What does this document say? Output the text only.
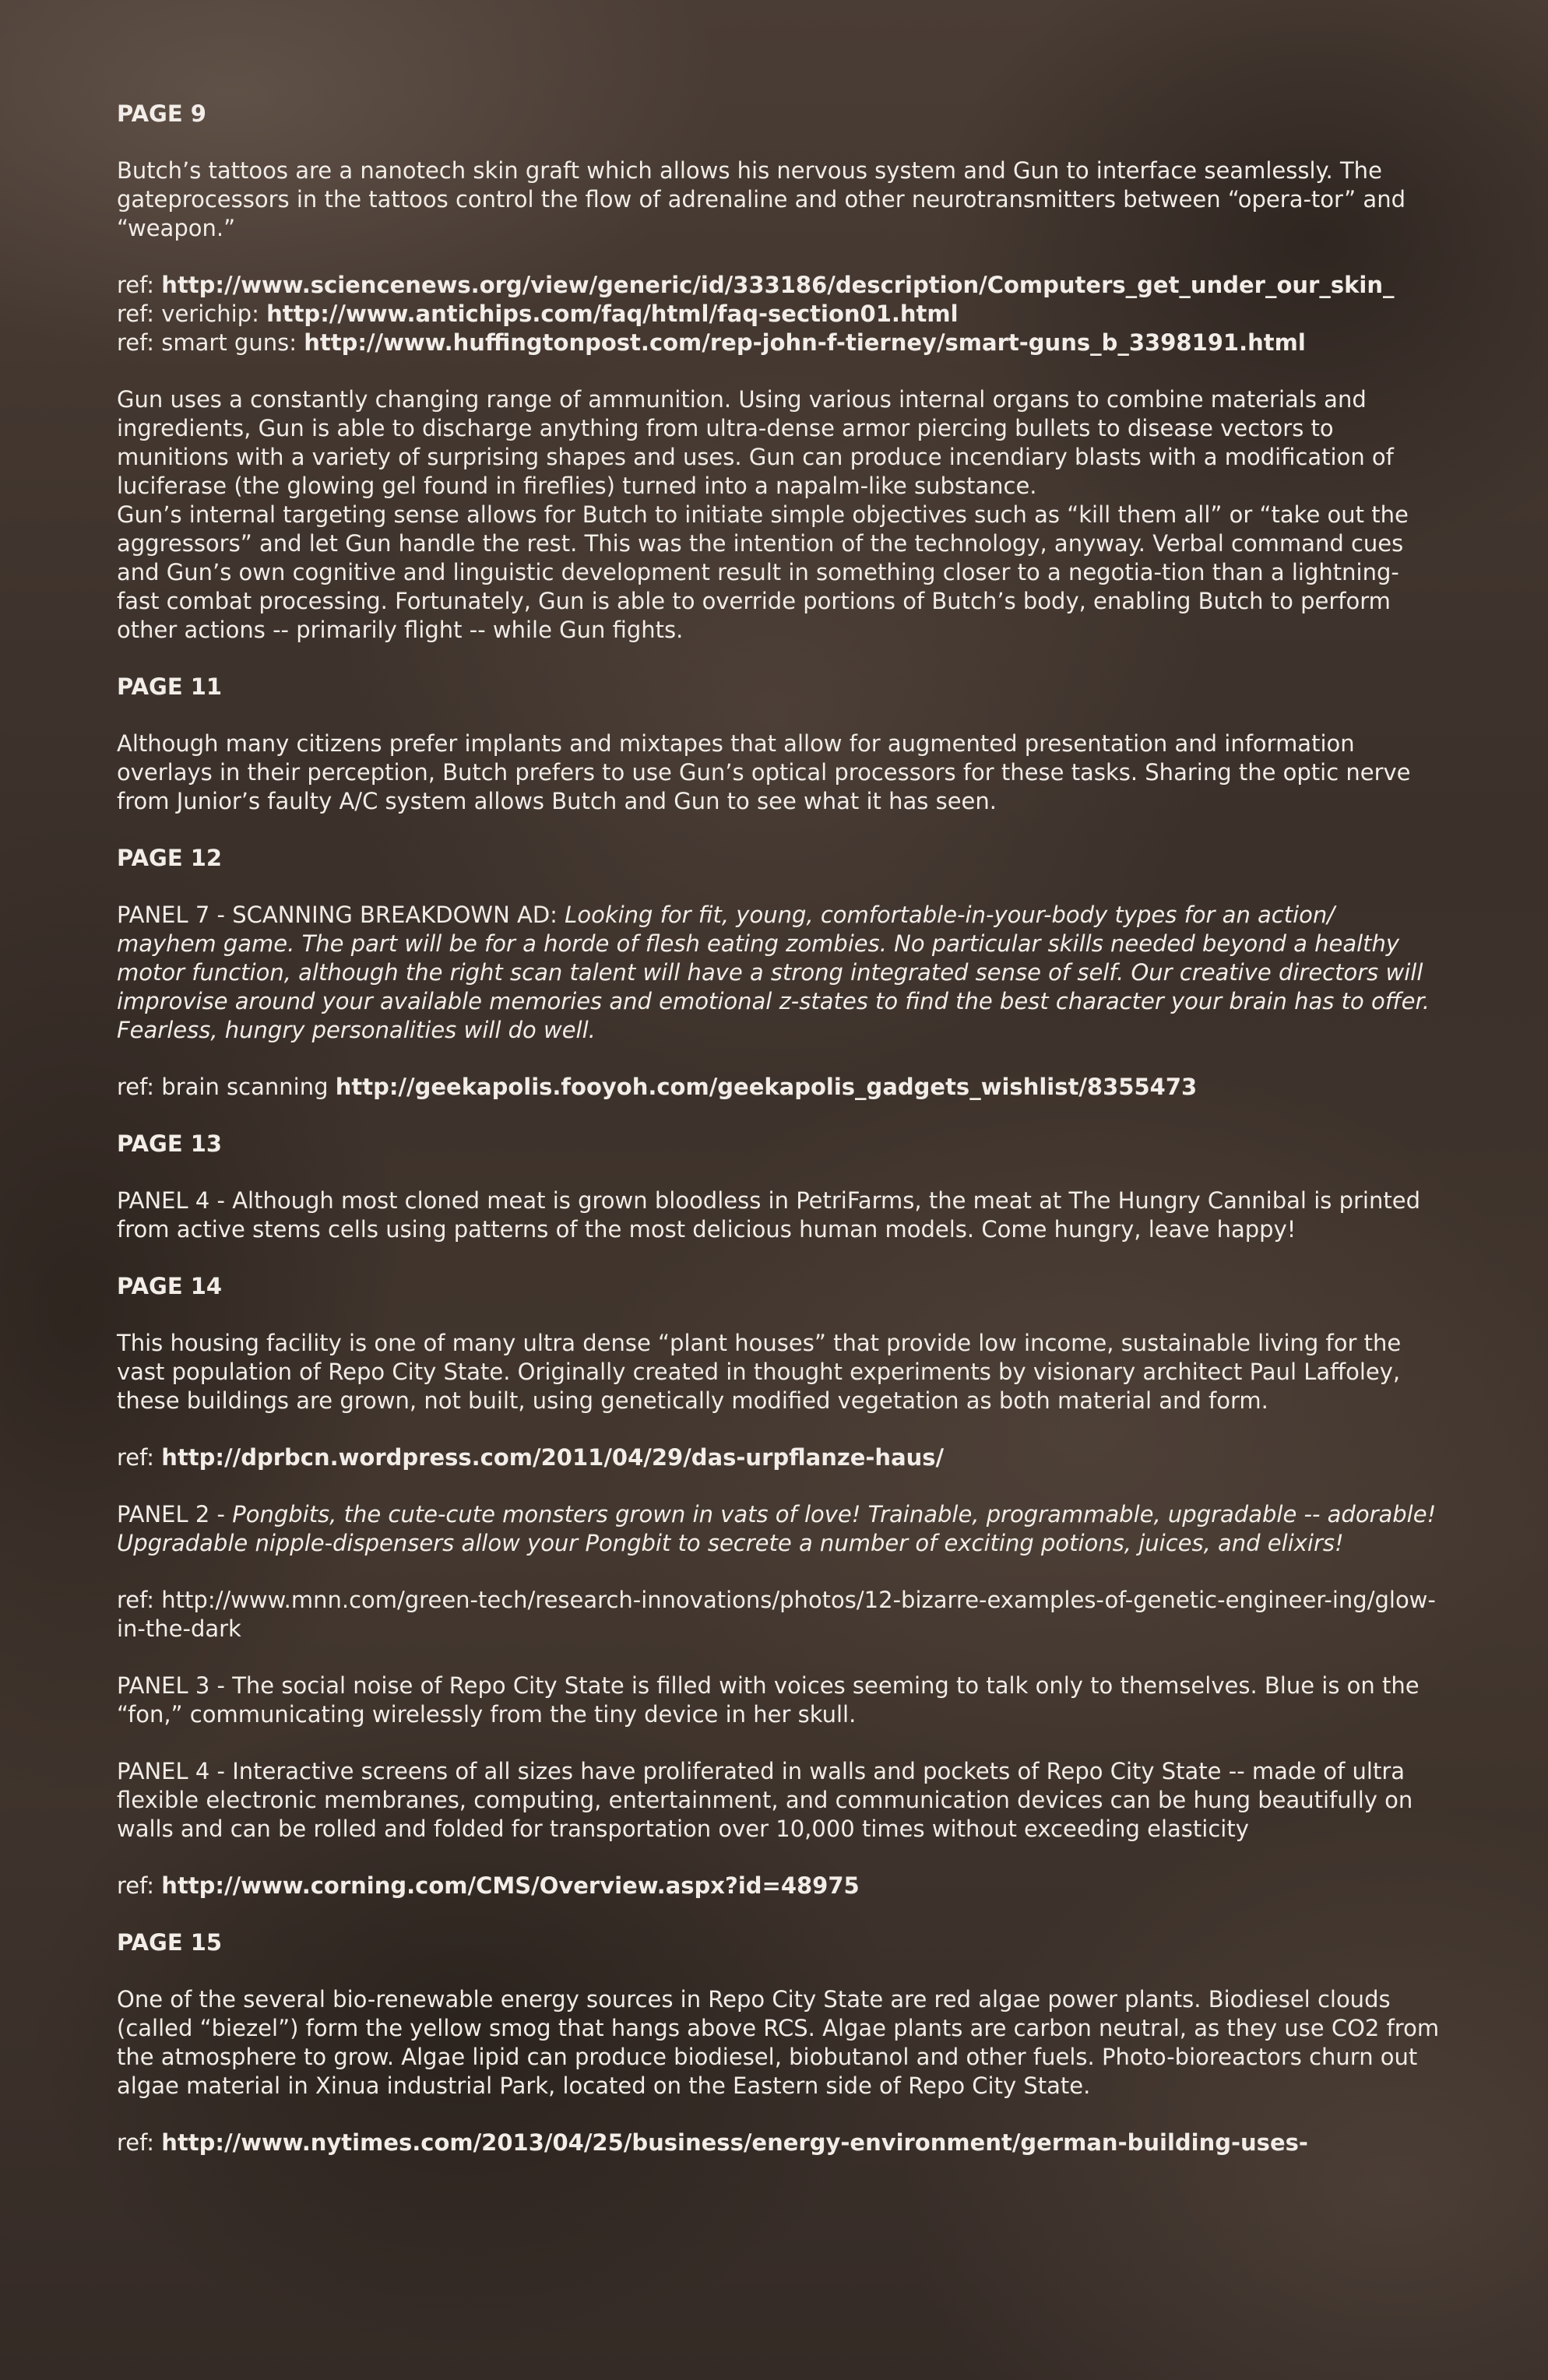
PAGE 9

Butch’s tattoos are a nanotech skin graft which allows his nervous system and Gun to interface seamlessly. The gateprocessors in the tattoos control the flow of adrenaline and other neurotransmitters between “opera-tor” and “weapon.”

ref: http://www.sciencenews.org/view/generic/id/333186/description/Computers_get_under_our_skin_

ref: verichip: http://www.antichips.com/faq/html/faq-section01.html

ref: smart guns: http://www.huffingtonpost.com/rep-john-f-tierney/smart-guns_b_3398191.html

Gun uses a constantly changing range of ammunition. Using various internal organs to combine materials and ingredients, Gun is able to discharge anything from ultra-dense armor piercing bullets to disease vectors to munitions with a variety of surprising shapes and uses. Gun can produce incendiary blasts with a modification of luciferase (the glowing gel found in fireflies) turned into a napalm-like substance.

Gun’s internal targeting sense allows for Butch to initiate simple objectives such as “kill them all” or “take out the aggressors” and let Gun handle the rest. This was the intention of the technology, anyway. Verbal command cues and Gun’s own cognitive and linguistic development result in something closer to a negotia-tion than a lightning-fast combat processing. Fortunately, Gun is able to override portions of Butch’s body, enabling Butch to perform other actions -- primarily flight -- while Gun fights.

PAGE 11

Although many citizens prefer implants and mixtapes that allow for augmented presentation and information overlays in their perception, Butch prefers to use Gun’s optical processors for these tasks. Sharing the optic nerve from Junior’s faulty A/C system allows Butch and Gun to see what it has seen.

PAGE 12

PANEL 7 - SCANNING BREAKDOWN AD: Looking for fit, young, comfortable-in-your-body types for an action/ mayhem game. The part will be for a horde of flesh eating zombies. No particular skills needed beyond a healthy motor function, although the right scan talent will have a strong integrated sense of self. Our creative directors will improvise around your available memories and emotional z-states to find the best character your brain has to offer. Fearless, hungry personalities will do well.

ref: brain scanning http://geekapolis.fooyoh.com/geekapolis_gadgets_wishlist/8355473

PAGE 13

PANEL 4 - Although most cloned meat is grown bloodless in PetriFarms, the meat at The Hungry Cannibal is printed from active stems cells using patterns of the most delicious human models. Come hungry, leave happy!

PAGE 14

This housing facility is one of many ultra dense “plant houses” that provide low income, sustainable living for the vast population of Repo City State. Originally created in thought experiments by visionary architect Paul Laffoley, these buildings are grown, not built, using genetically modified vegetation as both material and form.

ref: http://dprbcn.wordpress.com/2011/04/29/das-urpflanze-haus/

PANEL 2 - Pongbits, the cute-cute monsters grown in vats of love! Trainable, programmable, upgradable -- adorable! Upgradable nipple-dispensers allow your Pongbit to secrete a number of exciting potions, juices, and elixirs!

ref: http://www.mnn.com/green-tech/research-innovations/photos/12-bizarre-examples-of-genetic-engineer-ing/glow-in-the-dark

PANEL 3 - The social noise of Repo City State is filled with voices seeming to talk only to themselves. Blue is on the “fon,” communicating wirelessly from the tiny device in her skull.

PANEL 4 - Interactive screens of all sizes have proliferated in walls and pockets of Repo City State -- made of ultra flexible electronic membranes, computing, entertainment, and communication devices can be hung beautifully on walls and can be rolled and folded for transportation over 10,000 times without exceeding elasticity

ref: http://www.corning.com/CMS/Overview.aspx?id=48975

PAGE 15

One of the several bio-renewable energy sources in Repo City State are red algae power plants. Biodiesel clouds (called “biezel”) form the yellow smog that hangs above RCS. Algae plants are carbon neutral, as they use CO2 from the atmosphere to grow. Algae lipid can produce biodiesel, biobutanol and other fuels. Photo-bioreactors churn out algae material in Xinua industrial Park, located on the Eastern side of Repo City State.

ref: http://www.nytimes.com/2013/04/25/business/energy-environment/german-building-uses-
